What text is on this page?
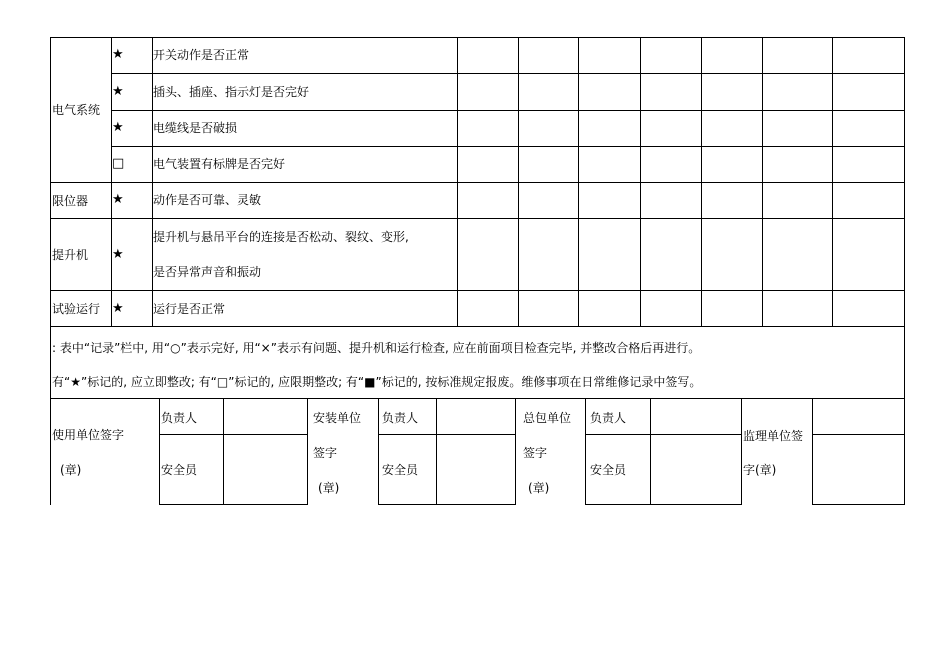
电气系统
限位器
提升机
试验运行
★
★
★
□
★
★
★
开关动作是否正常
插头、插座、指示灯是否完好
电缆线是否破损
电气装置有标牌是否完好
动作是否可靠、灵敏
提升机与悬吊平台的连接是否松动、裂纹、变形,
是否异常声音和振动
运行是否正常
: 表中“记录”栏中, 用“○”表示完好, 用“×”表示有问题、提升机和运行检查, 应在前面项目检查完毕, 并整改合格后再进行。
有“★”标记的, 应立即整改; 有“□”标记的, 应限期整改; 有“■”标记的, 按标准规定报废。维修事项在日常维修记录中签写。
使用单位签字
(章)
负责人
安全员
安装单位
签字
(章)
负责人
安全员
总包单位
签字
(章)
负责人
安全员
监理单位签
字(章)
